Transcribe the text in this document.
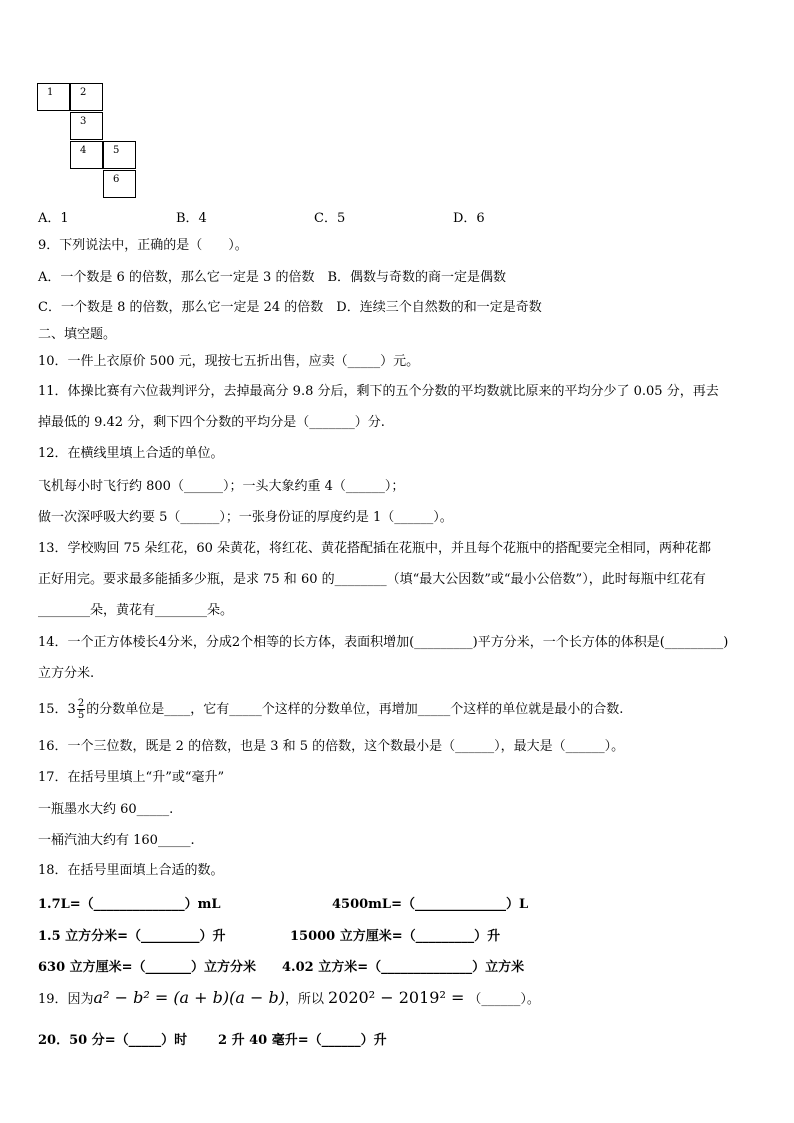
1	2
3
4	5
6
A．1	B．4	C．5	D．6
9．下列说法中，正确的是（　　）。
A．一个数是 6 的倍数，那么它一定是 3 的倍数　B．偶数与奇数的商一定是偶数
C．一个数是 8 的倍数，那么它一定是 24 的倍数　D．连续三个自然数的和一定是奇数
二、填空题。
10．一件上衣原价 500 元，现按七五折出售，应卖（_____）元。
11．体操比赛有六位裁判评分，去掉最高分 9.8 分后，剩下的五个分数的平均数就比原来的平均分少了 0.05 分，再去
掉最低的 9.42 分，剩下四个分数的平均分是（_______）分.
12．在横线里填上合适的单位。
飞机每小时飞行约 800（______）；一头大象约重 4（______）；
做一次深呼吸大约要 5（______）；一张身份证的厚度约是 1（______）。
13．学校购回 75 朵红花，60 朵黄花，将红花、黄花搭配插在花瓶中，并且每个花瓶中的搭配要完全相同，两种花都
正好用完。要求最多能插多少瓶，是求 75 和 60 的________（填“最大公因数”或“最小公倍数”），此时每瓶中红花有
________朵，黄花有________朵。
14．一个正方体棱长4分米，分成2个相等的长方体，表面积增加(_________)平方分米，一个长方体的体积是(_________)
立方分米.
15．$3 \frac{2}{5}$ 的分数单位是____，它有_____个这样的分数单位，再增加_____个这样的单位就是最小的合数.
16．一个三位数，既是 2 的倍数，也是 3 和 5 的倍数，这个数最小是（______），最大是（______）。
17．在括号里填上“升”或“毫升”
一瓶墨水大约 60_____.
一桶汽油大约有 160_____.
18．在括号里面填上合适的数。
1.7L=（______________）mL	4500mL=（______________）L
1.5 立方分米=（_________）升	15000 立方厘米=（_________）升
630 立方厘米=（_______）立方分米 4.02 立方米=（______________）立方米
19．因为a² − b² = (a + b)(a − b)，所以 2020² − 2019² = （______）。
20．50 分=（_____）时 2 升 40 毫升=（______）升
